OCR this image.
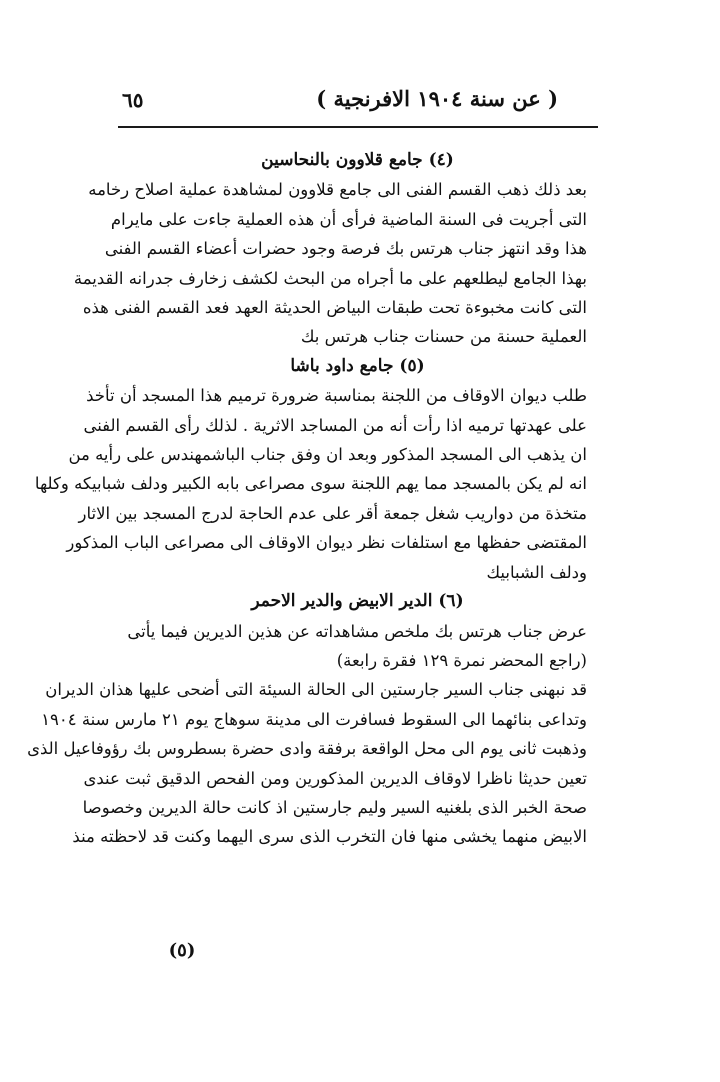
( عن سنة ١٩٠٤ الافرنجية )
٦٥
(٤) جامع قلاوون بالنحاسين
بعد ذلك ذهب القسم الفنى الى جامع قلاوون لمشاهدة عملية اصلاح رخامه
التى أجريت فى السنة الماضية فرأى أن هذه العملية جاءت على مايرام
هذا وقد انتهز جناب هرتس بك فرصة وجود حضرات أعضاء القسم الفنى
بهذا الجامع ليطلعهم على ما أجراه من البحث لكشف زخارف جدرانه القديمة
التى كانت مخبوءة تحت طبقات البياض الحديثة العهد فعد القسم الفنى هذه
العملية حسنة من حسنات جناب هرتس بك
(٥) جامع داود باشا
طلب ديوان الاوقاف من اللجنة بمناسبة ضرورة ترميم هذا المسجد أن تأخذ
على عهدتها ترميه اذا رأت أنه من المساجد الاثرية . لذلك رأى القسم الفنى
ان يذهب الى المسجد المذكور وبعد ان وفق جناب الباشمهندس على رأيه من
انه لم يكن بالمسجد مما يهم اللجنة سوى مصراعى بابه الكبير ودلف شبابيكه وكلها
متخذة من دواريب شغل جمعة أقر على عدم الحاجة لدرج المسجد بين الاثار
المقتضى حفظها مع استلفات نظر ديوان الاوقاف الى مصراعى الباب المذكور
ودلف الشبابيك
(٦) الدير الابيض والدير الاحمر
عرض جناب هرتس بك ملخص مشاهداته عن هذين الديرين فيما يأتى
(راجع المحضر نمرة ١٢٩ فقرة رابعة)
قد نبهنى جناب السير جارستين الى الحالة السيئة التى أضحى عليها هذان الديران
وتداعى بنائهما الى السقوط فسافرت الى مدينة سوهاج يوم ٢١ مارس سنة ١٩٠٤
وذهبت ثانى يوم الى محل الواقعة برفقة وادى حضرة بسطروس بك رؤوفاعيل الذى
تعين حديثا ناظرا لاوقاف الديرين المذكورين ومن الفحص الدقيق ثبت عندى
صحة الخبر الذى بلغنيه السير وليم جارستين اذ كانت حالة الديرين وخصوصا
الابيض منهما يخشى منها فان التخرب الذى سرى اليهما وكنت قد لاحظته منذ
(٥)
